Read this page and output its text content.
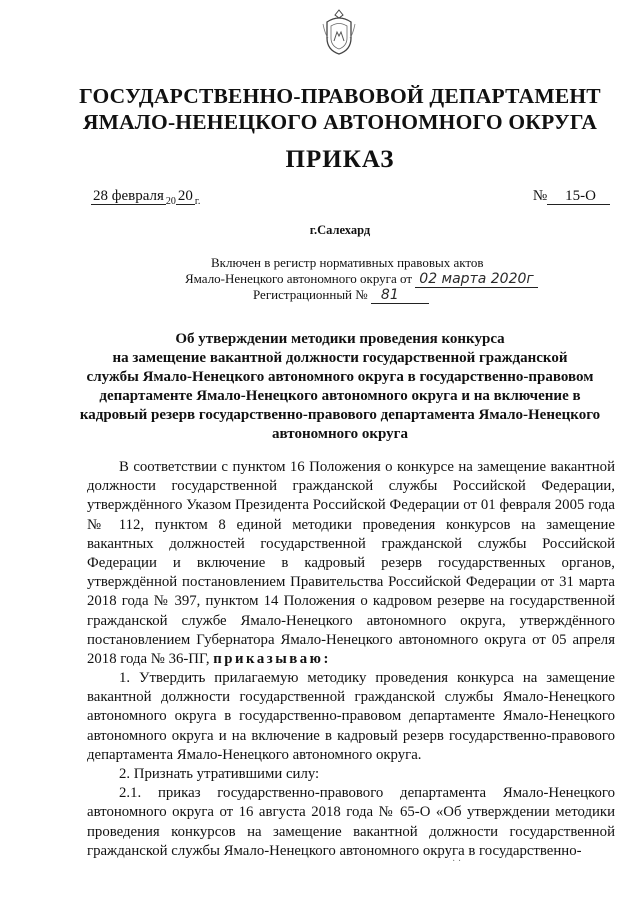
ГОСУДАРСТВЕННО-ПРАВОВОЙ ДЕПАРТАМЕНТ
ЯМАЛО-НЕНЕЦКОГО АВТОНОМНОГО ОКРУГА
ПРИКАЗ
28 февраля $_{20}$ 20 $_{г.}$	№ 15-О
г.Салехард
Включен в регистр нормативных правовых актов
Ямало-Ненецкого автономного округа от 02 марта 2020г
Регистрационный № 81
Об утверждении методики проведения конкурса
на замещение вакантной должности государственной гражданской
службы Ямало-Ненецкого автономного округа в государственно-правовом
департаменте Ямало-Ненецкого автономного округа и на включение в
кадровый резерв государственно-правового департамента Ямало-Ненецкого
автономного округа

В соответствии с пунктом 16 Положения о конкурсе на замещение вакантной должности государственной гражданской службы Российской Федерации, утверждённого Указом Президента Российской Федерации от 01 февраля 2005 года № 112, пунктом 8 единой методики проведения конкурсов на замещение вакантных должностей государственной гражданской службы Российской Федерации и включение в кадровый резерв государственных органов, утверждённой постановлением Правительства Российской Федерации от 31 марта 2018 года № 397, пунктом 14 Положения о кадровом резерве на государственной гражданской службе Ямало-Ненецкого автономного округа, утверждённого постановлением Губернатора Ямало-Ненецкого автономного округа от 05 апреля 2018 года № 36-ПГ, приказываю:

1. Утвердить прилагаемую методику проведения конкурса на замещение вакантной должности государственной гражданской службы Ямало-Ненецкого автономного округа в государственно-правовом департаменте Ямало-Ненецкого автономного округа и на включение в кадровый резерв государственно-правового департамента Ямало-Ненецкого автономного округа.

2. Признать утратившими силу:

2.1. приказ государственно-правового департамента Ямало-Ненецкого автономного округа от 16 августа 2018 года № 65-О «Об утверждении методики проведения конкурсов на замещение вакантной должности государственной гражданской службы Ямало-Ненецкого автономного округа в государственно-

· ·
